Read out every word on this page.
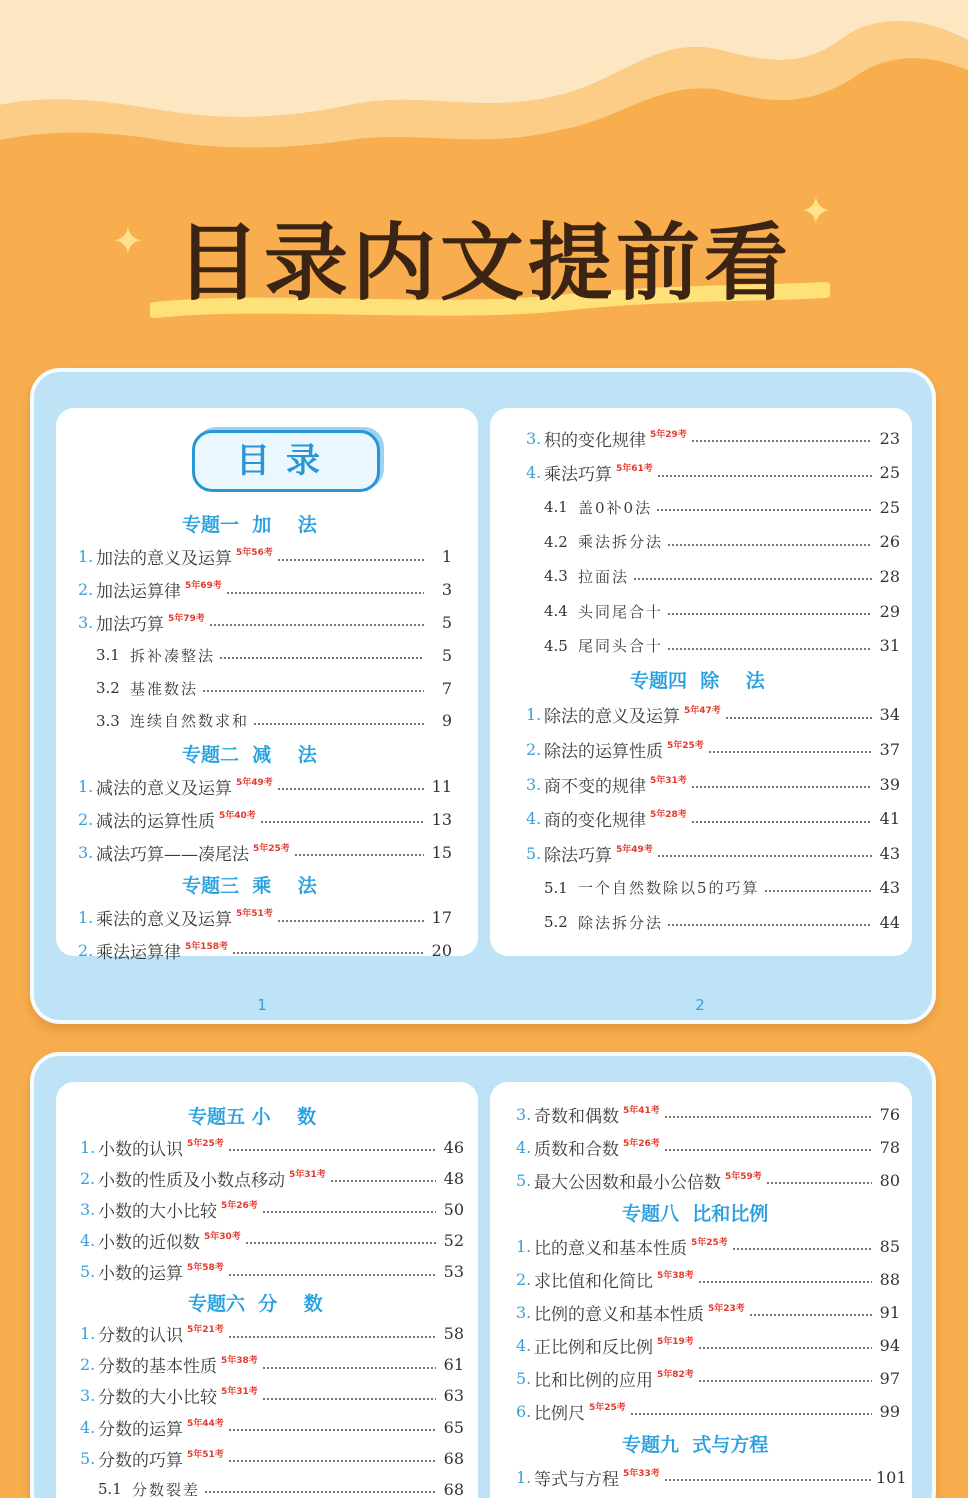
✦
✦
目录内文提前看
目录
专题一  加    法
1. 加法的意义及运算 5年56考	1
2. 加法运算律 5年69考	3
3. 加法巧算 5年79考	5
3.1 拆补凑整法	5
3.2 基准数法	7
3.3 连续自然数求和	9
专题二  减    法
1. 减法的意义及运算 5年49考	11
2. 减法的运算性质 5年40考	13
3. 减法巧算——凑尾法 5年25考	15
专题三  乘    法
1. 乘法的意义及运算 5年51考	17
2. 乘法运算律 5年158考	20
3. 积的变化规律 5年29考	23
4. 乘法巧算 5年61考	25
4.1 盖0补0法	25
4.2 乘法拆分法	26
4.3 拉面法	28
4.4 头同尾合十	29
4.5 尾同头合十	31
专题四  除    法
1. 除法的意义及运算 5年47考	34
2. 除法的运算性质 5年25考	37
3. 商不变的规律 5年31考	39
4. 商的变化规律 5年28考	41
5. 除法巧算 5年49考	43
5.1 一个自然数除以5的巧算	43
5.2 除法拆分法	44
1	2
专题五 小    数
1. 小数的认识 5年25考	46
2. 小数的性质及小数点移动 5年31考	48
3. 小数的大小比较 5年26考	50
4. 小数的近似数 5年30考	52
5. 小数的运算 5年58考	53
专题六  分    数
1. 分数的认识 5年21考	58
2. 分数的基本性质 5年38考	61
3. 分数的大小比较 5年31考	63
4. 分数的运算 5年44考	65
5. 分数的巧算 5年51考	68
5.1 分数裂差	68
3. 奇数和偶数 5年41考	76
4. 质数和合数 5年26考	78
5. 最大公因数和最小公倍数 5年59考	80
专题八  比和比例
1. 比的意义和基本性质 5年25考	85
2. 求比值和化简比 5年38考	88
3. 比例的意义和基本性质 5年23考	91
4. 正比例和反比例 5年19考	94
5. 比和比例的应用 5年82考	97
6. 比例尺 5年25考	99
专题九  式与方程
1. 等式与方程 5年33考	101
